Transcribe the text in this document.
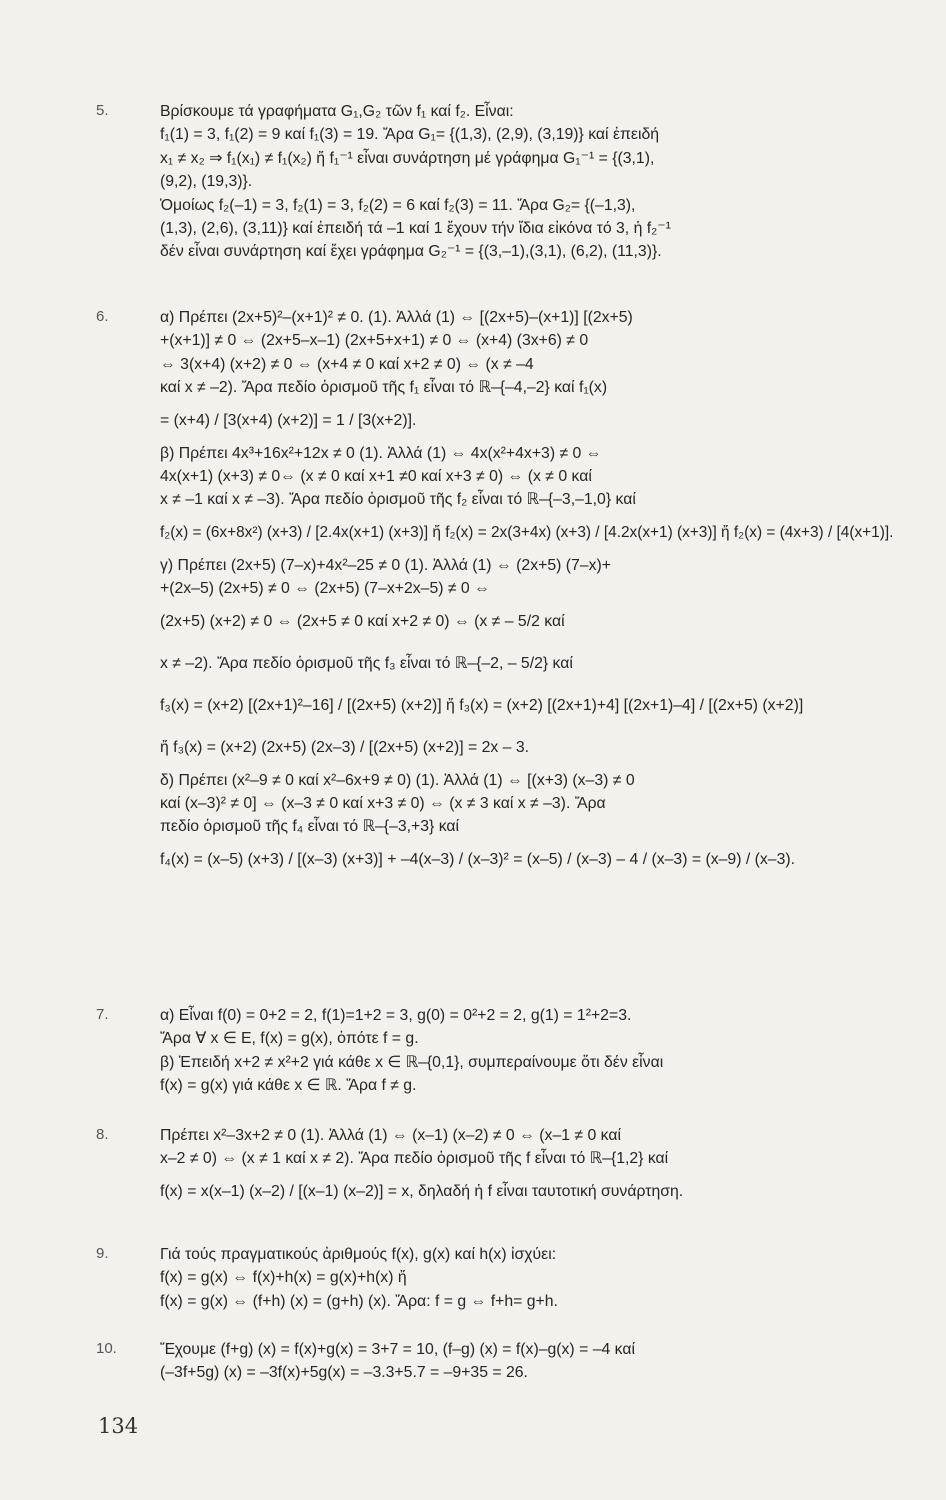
5.	Βρίσκουμε τά γραφήματα G₁,G₂ τῶν f₁ καί f₂. Εἶναι:
f₁(1) = 3, f₁(2) = 9 καί f₁(3) = 19. Ἄρα G₁= {(1,3), (2,9), (3,19)} καί ἐπειδή
x₁ ≠ x₂ ⇒ f₁(x₁) ≠ f₁(x₂) ἤ f₁⁻¹ εἶναι συνάρτηση μέ γράφημα G₁⁻¹ = {(3,1),
(9,2), (19,3)}.
Ὁμοίως f₂(–1) = 3, f₂(1) = 3, f₂(2) = 6 καί f₂(3) = 11. Ἄρα G₂= {(–1,3),
(1,3), (2,6), (3,11)} καί ἐπειδή τά –1 καί 1 ἔχουν τήν ἴδια εἰκόνα τό 3, ἡ f₂⁻¹
δέν εἶναι συνάρτηση καί ἔχει γράφημα G₂⁻¹ = {(3,–1),(3,1), (6,2), (11,3)}.
6.	α) Πρέπει (2x+5)²–(x+1)² ≠ 0. (1). Ἀλλά (1) ⇔ [(2x+5)–(x+1)] [(2x+5)
+(x+1)] ≠ 0 ⇔ (2x+5–x–1) (2x+5+x+1) ≠ 0 ⇔ (x+4) (3x+6) ≠ 0
⇔ 3(x+4) (x+2) ≠ 0 ⇔ (x+4 ≠ 0 καί x+2 ≠ 0) ⇔ (x ≠ –4
καί x ≠ –2). Ἄρα πεδίο ὁρισμοῦ τῆς f₁ εἶναι τό ℝ–{–4,–2} καί f₁(x)
= (x+4) / [3(x+4) (x+2)] = 1 / [3(x+2)].
β) Πρέπει 4x³+16x²+12x ≠ 0 (1). Ἀλλά (1) ⇔ 4x(x²+4x+3) ≠ 0 ⇔
4x(x+1) (x+3) ≠ 0⇔ (x ≠ 0 καί x+1 ≠0 καί x+3 ≠ 0) ⇔ (x ≠ 0 καί
x ≠ –1 καί x ≠ –3). Ἄρα πεδίο ὁρισμοῦ τῆς f₂ εἶναι τό ℝ–{–3,–1,0} καί
f₂(x) = (6x+8x²) (x+3) / [2.4x(x+1) (x+3)] ἤ f₂(x) = 2x(3+4x) (x+3) / [4.2x(x+1) (x+3)] ἤ f₂(x) = (4x+3) / [4(x+1)].
γ) Πρέπει (2x+5) (7–x)+4x²–25 ≠ 0 (1). Ἀλλά (1) ⇔ (2x+5) (7–x)+
+(2x–5) (2x+5) ≠ 0 ⇔ (2x+5) (7–x+2x–5) ≠ 0 ⇔
(2x+5) (x+2) ≠ 0 ⇔ (2x+5 ≠ 0 καί x+2 ≠ 0) ⇔ (x ≠ – 5/2 καί
x ≠ –2). Ἄρα πεδίο ὁρισμοῦ τῆς f₃ εἶναι τό ℝ–{–2, – 5/2} καί
f₃(x) = (x+2) [(2x+1)²–16] / [(2x+5) (x+2)] ἤ f₃(x) = (x+2) [(2x+1)+4] [(2x+1)–4] / [(2x+5) (x+2)]
ἤ f₃(x) = (x+2) (2x+5) (2x–3) / [(2x+5) (x+2)] = 2x – 3.
δ) Πρέπει (x²–9 ≠ 0 καί x²–6x+9 ≠ 0) (1). Ἀλλά (1) ⇔ [(x+3) (x–3) ≠ 0
καί (x–3)² ≠ 0] ⇔ (x–3 ≠ 0 καί x+3 ≠ 0) ⇔ (x ≠ 3 καί x ≠ –3). Ἄρα
πεδίο ὁρισμοῦ τῆς f₄ εἶναι τό ℝ–{–3,+3} καί
f₄(x) = (x–5) (x+3) / [(x–3) (x+3)] + –4(x–3) / (x–3)² = (x–5) / (x–3) – 4 / (x–3) = (x–9) / (x–3).
7.	α) Εἶναι f(0) = 0+2 = 2, f(1)=1+2 = 3, g(0) = 0²+2 = 2, g(1) = 1²+2=3.
Ἄρα ∀ x ∈ E, f(x) = g(x), ὁπότε f = g.
β) Ἐπειδή x+2 ≠ x²+2 γιά κάθε x ∈ ℝ–{0,1}, συμπεραίνουμε ὅτι δέν εἶναι
f(x) = g(x) γιά κάθε x ∈ ℝ. Ἄρα f ≠ g.
8.	Πρέπει x²–3x+2 ≠ 0 (1). Ἀλλά (1) ⇔ (x–1) (x–2) ≠ 0 ⇔ (x–1 ≠ 0 καί
x–2 ≠ 0) ⇔ (x ≠ 1 καί x ≠ 2). Ἄρα πεδίο ὁρισμοῦ τῆς f εἶναι τό ℝ–{1,2} καί
f(x) = x(x–1) (x–2) / [(x–1) (x–2)] = x, δηλαδή ἡ f εἶναι ταυτοτική συνάρτηση.
9.	Γιά τούς πραγματικούς ἀριθμούς f(x), g(x) καί h(x) ἰσχύει:
f(x) = g(x) ⇔ f(x)+h(x) = g(x)+h(x) ἤ
f(x) = g(x) ⇔ (f+h) (x) = (g+h) (x). Ἄρα: f = g ⇔ f+h= g+h.
10.	Ἔχουμε (f+g) (x) = f(x)+g(x) = 3+7 = 10, (f–g) (x) = f(x)–g(x) = –4 καί
(–3f+5g) (x) = –3f(x)+5g(x) = –3.3+5.7 = –9+35 = 26.
134
